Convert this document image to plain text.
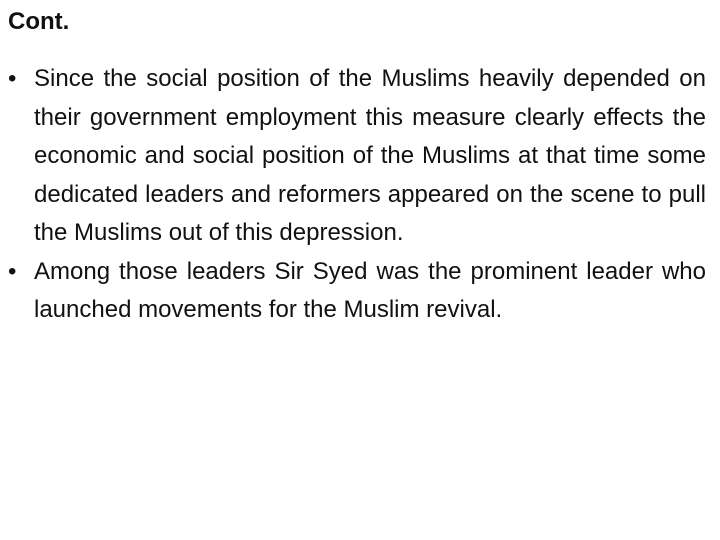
Cont.
• Since the social position of the Muslims heavily depended on their government employment this measure clearly effects the economic and social position of the Muslims at that time some dedicated leaders and reformers appeared on the scene to pull the Muslims out of this depression.
• Among those leaders Sir Syed was the prominent leader who launched movements for the Muslim revival.
